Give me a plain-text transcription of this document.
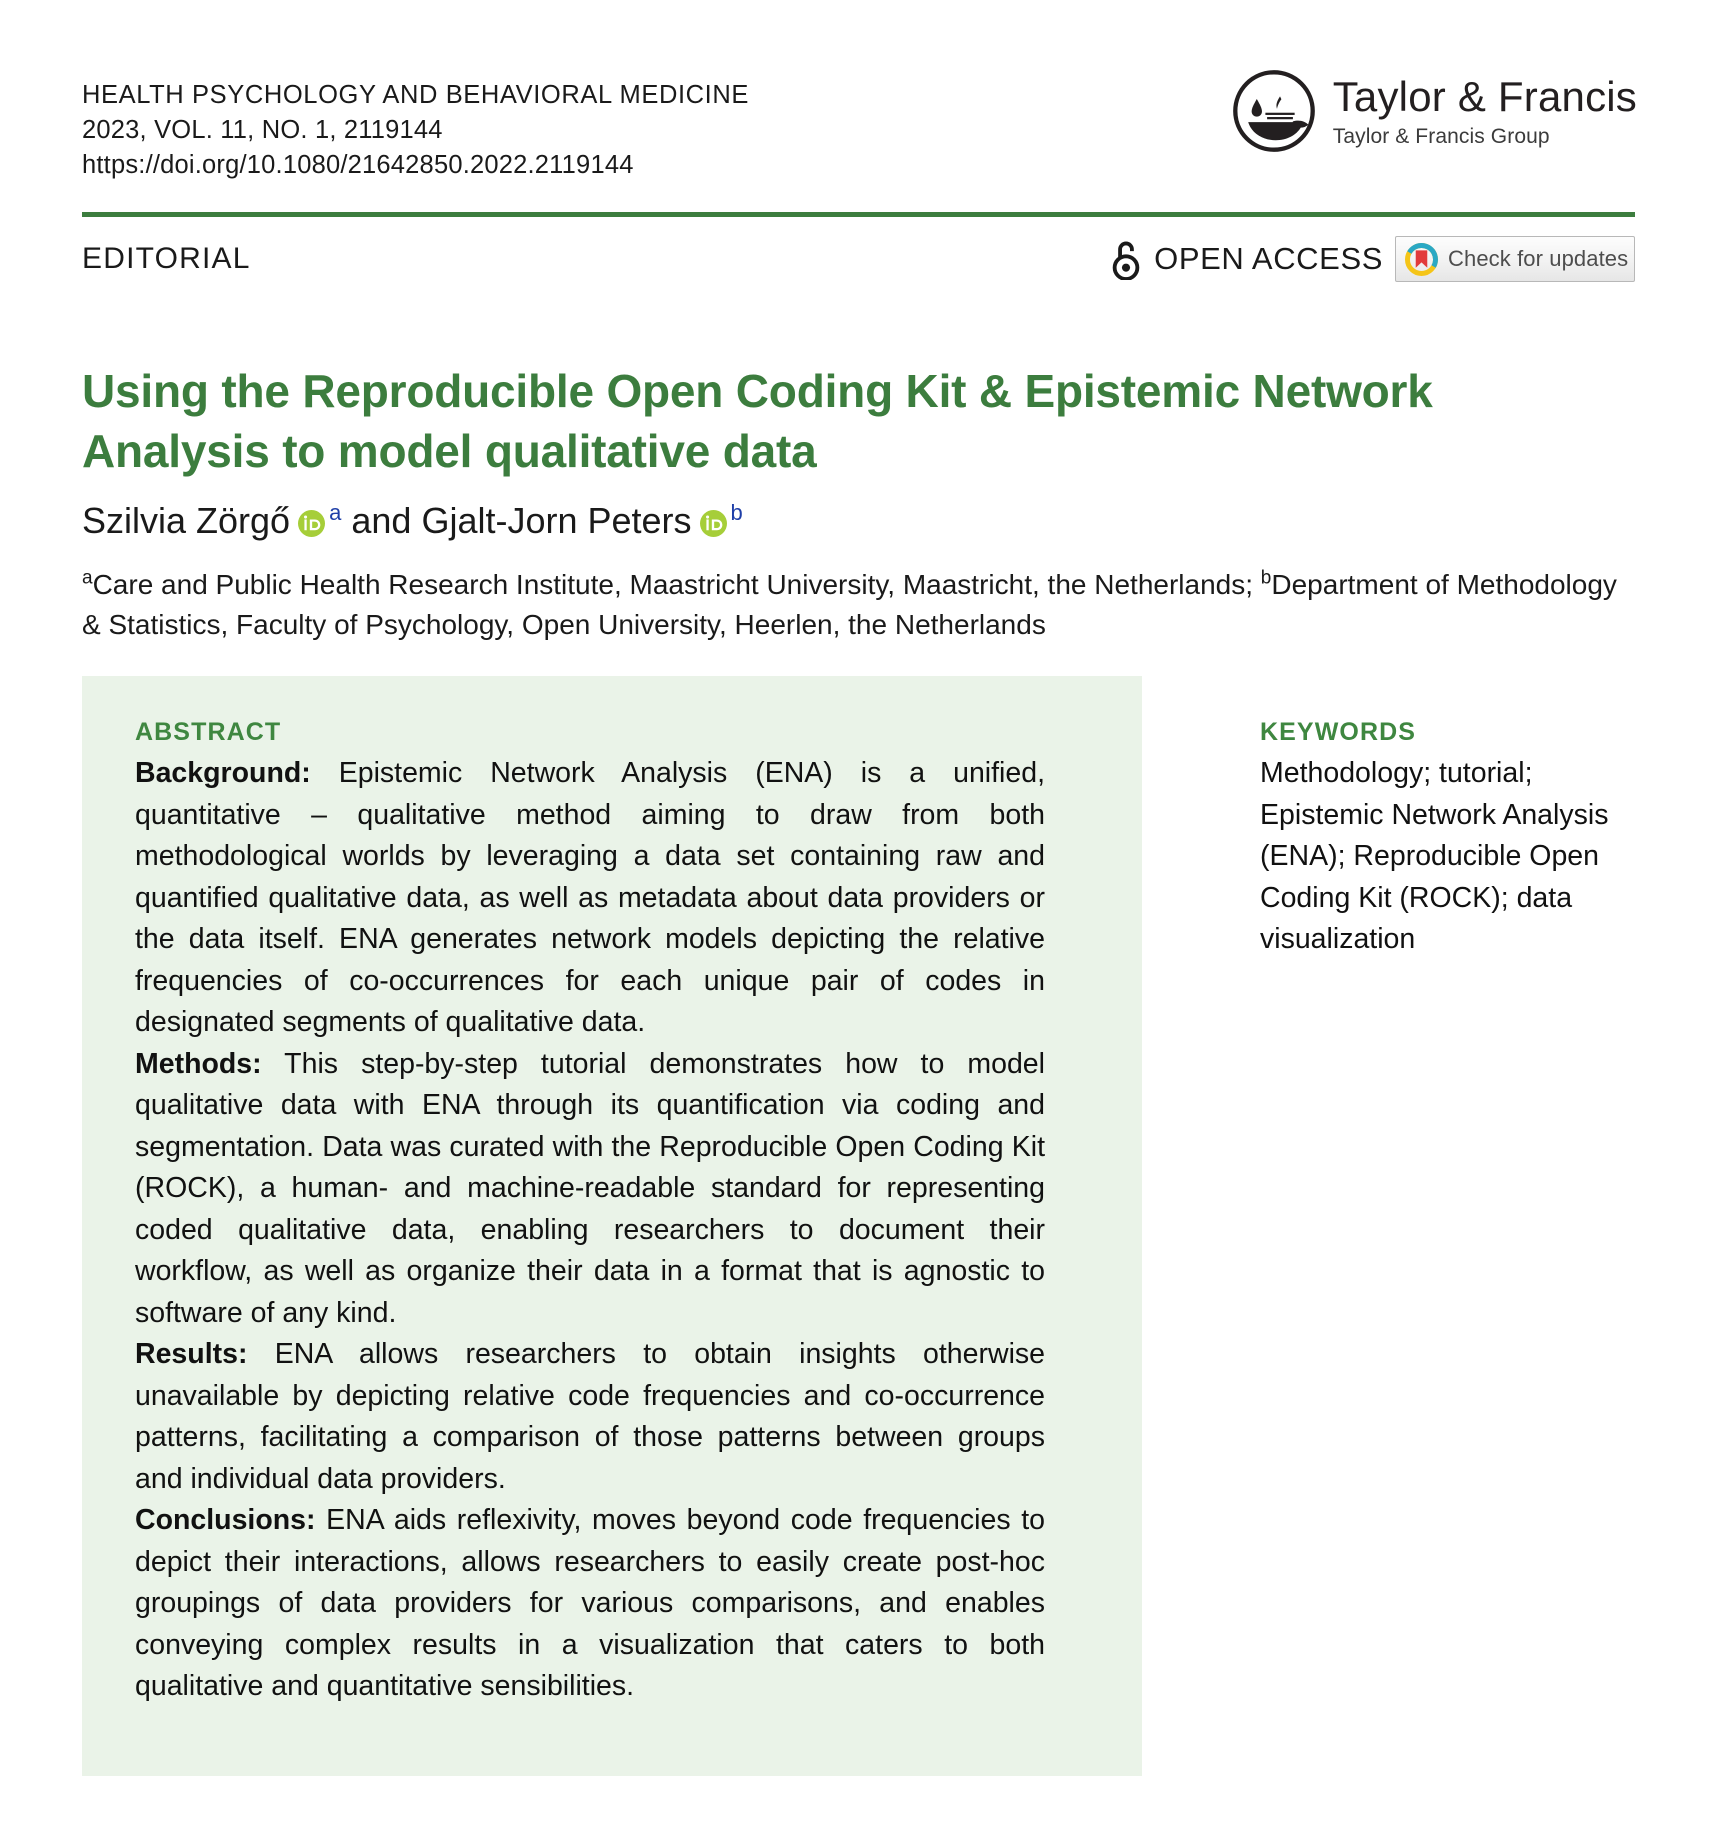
HEALTH PSYCHOLOGY AND BEHAVIORAL MEDICINE
2023, VOL. 11, NO. 1, 2119144
https://doi.org/10.1080/21642850.2022.2119144
Taylor & Francis
Taylor & Francis Group
EDITORIAL	OPEN ACCESS	Check for updates
Using the Reproducible Open Coding Kit & Epistemic Network Analysis to model qualitative data
Szilvia Zörgő $^a$ and Gjalt-Jorn Peters $^b$
$^a$Care and Public Health Research Institute, Maastricht University, Maastricht, the Netherlands; $^b$Department of Methodology & Statistics, Faculty of Psychology, Open University, Heerlen, the Netherlands
ABSTRACT

Background: Epistemic Network Analysis (ENA) is a unified, quantitative – qualitative method aiming to draw from both methodological worlds by leveraging a data set containing raw and quantified qualitative data, as well as metadata about data providers or the data itself. ENA generates network models depicting the relative frequencies of co-occurrences for each unique pair of codes in designated segments of qualitative data.
Methods: This step-by-step tutorial demonstrates how to model qualitative data with ENA through its quantification via coding and segmentation. Data was curated with the Reproducible Open Coding Kit (ROCK), a human- and machine-readable standard for representing coded qualitative data, enabling researchers to document their workflow, as well as organize their data in a format that is agnostic to software of any kind.
Results: ENA allows researchers to obtain insights otherwise unavailable by depicting relative code frequencies and co-occurrence patterns, facilitating a comparison of those patterns between groups and individual data providers.
Conclusions: ENA aids reflexivity, moves beyond code frequencies to depict their interactions, allows researchers to easily create post-hoc groupings of data providers for various comparisons, and enables conveying complex results in a visualization that caters to both qualitative and quantitative sensibilities.

KEYWORDS

Methodology; tutorial; Epistemic Network Analysis (ENA); Reproducible Open Coding Kit (ROCK); data visualization
